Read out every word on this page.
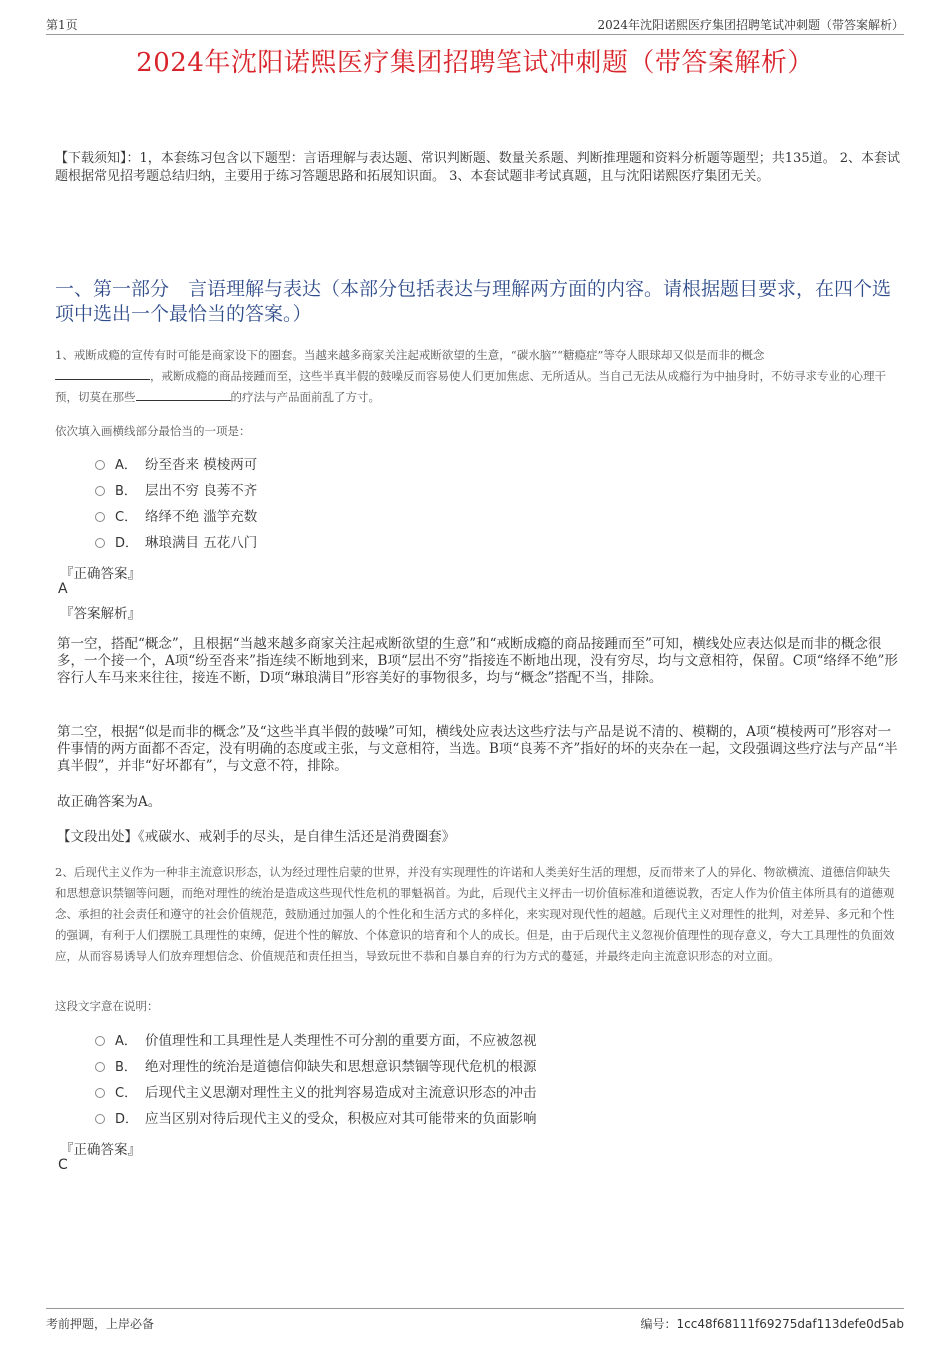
第1页	2024年沈阳诺熙医疗集团招聘笔试冲刺题（带答案解析）
2024年沈阳诺熙医疗集团招聘笔试冲刺题（带答案解析）
【下载须知】：1，本套练习包含以下题型：言语理解与表达题、常识判断题、数量关系题、判断推理题和资料分析题等题型；共135道。 2、本套试题根据常见招考题总结归纳，主要用于练习答题思路和拓展知识面。 3、本套试题非考试真题，且与沈阳诺熙医疗集团无关。
一、第一部分　言语理解与表达（本部分包括表达与理解两方面的内容。请根据题目要求，在四个选项中选出一个最恰当的答案。）
1、戒断成瘾的宣传有时可能是商家设下的圈套。当越来越多商家关注起戒断欲望的生意，“碳水脑”“糖瘾症”等夺人眼球却又似是而非的概念
，戒断成瘾的商品接踵而至，这些半真半假的鼓噪反而容易使人们更加焦虑、无所适从。当自己无法从成瘾行为中抽身时，不妨寻求专业的心理干预，切莫在那些	的疗法与产品面前乱了方寸。
依次填入画横线部分最恰当的一项是：
A． 纷至沓来 模棱两可
B． 层出不穷 良莠不齐
C． 络绎不绝 滥竽充数
D． 琳琅满目 五花八门
『正确答案』
A
『答案解析』
第一空，搭配“概念”，且根据“当越来越多商家关注起戒断欲望的生意”和“戒断成瘾的商品接踵而至”可知，横线处应表达似是而非的概念很多，一个接一个，A项“纷至沓来”指连续不断地到来，B项“层出不穷”指接连不断地出现，没有穷尽，均与文意相符，保留。C项“络绎不绝”形容行人车马来来往往，接连不断，D项“琳琅满目”形容美好的事物很多，均与“概念”搭配不当，排除。
第二空，根据“似是而非的概念”及“这些半真半假的鼓噪”可知，横线处应表达这些疗法与产品是说不清的、模糊的，A项“模棱两可”形容对一件事情的两方面都不否定，没有明确的态度或主张，与文意相符，当选。B项“良莠不齐”指好的坏的夹杂在一起，文段强调这些疗法与产品“半真半假”，并非“好坏都有”，与文意不符，排除。
故正确答案为A。
【文段出处】《戒碳水、戒剁手的尽头，是自律生活还是消费圈套》
2、后现代主义作为一种非主流意识形态，认为经过理性启蒙的世界，并没有实现理性的许诺和人类美好生活的理想，反而带来了人的异化、物欲横流、道德信仰缺失和思想意识禁锢等问题，而绝对理性的统治是造成这些现代性危机的罪魁祸首。为此，后现代主义抨击一切价值标准和道德说教，否定人作为价值主体所具有的道德观念、承担的社会责任和遵守的社会价值规范，鼓励通过加强人的个性化和生活方式的多样化，来实现对现代性的超越。后现代主义对理性的批判，对差异、多元和个性的强调，有利于人们摆脱工具理性的束缚，促进个性的解放、个体意识的培育和个人的成长。但是，由于后现代主义忽视价值理性的现存意义，夸大工具理性的负面效应，从而容易诱导人们放弃理想信念、价值规范和责任担当，导致玩世不恭和自暴自弃的行为方式的蔓延，并最终走向主流意识形态的对立面。
这段文字意在说明：
A． 价值理性和工具理性是人类理性不可分割的重要方面，不应被忽视
B． 绝对理性的统治是道德信仰缺失和思想意识禁锢等现代危机的根源
C． 后现代主义思潮对理性主义的批判容易造成对主流意识形态的冲击
D． 应当区别对待后现代主义的受众，积极应对其可能带来的负面影响
『正确答案』
C
考前押题，上岸必备	编号：1cc48f68111f69275daf113defe0d5ab
